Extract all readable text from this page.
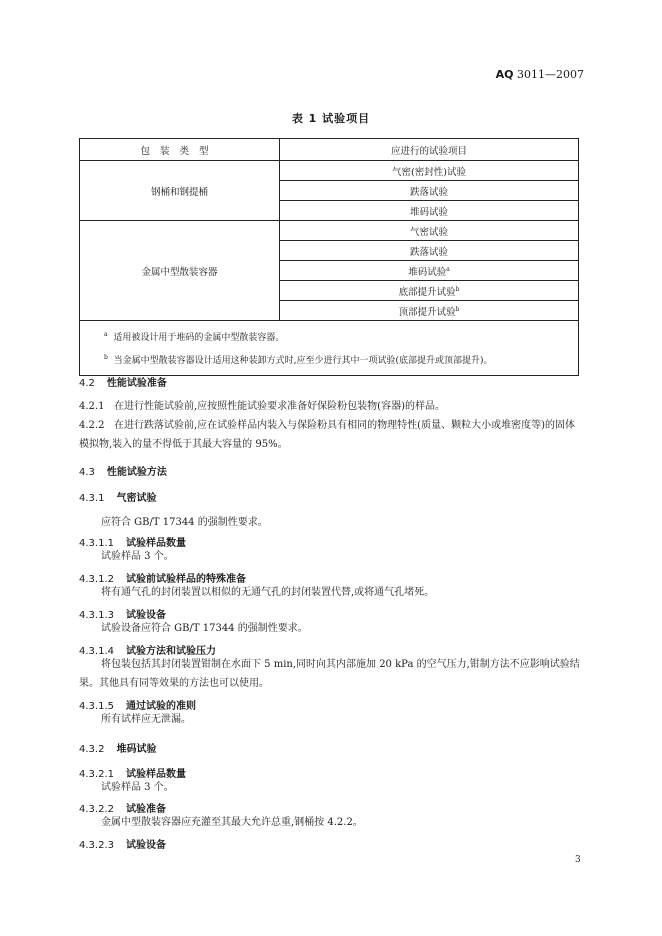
AQ 3011—2007
表 1 试验项目
包装类型	应进行的试验项目
钢桶和钢提桶	气密(密封性)试验
	跌落试验
	堆码试验
金属中型散装容器	气密试验
	跌落试验
	堆码试验$^a$
	底部提升试验$^b$
	顶部提升试验$^b$

$^a$ 适用被设计用于堆码的金属中型散装容器。
$^b$ 当金属中型散装容器设计适用这种装卸方式时,应至少进行其中一项试验(底部提升或顶部提升)。	
4.2 性能试验准备
4.2.1 在进行性能试验前,应按照性能试验要求准备好保险粉包装物(容器)的样品。
4.2.2 在进行跌落试验前,应在试验样品内装入与保险粉具有相同的物理特性(质量、颗粒大小或堆密度等)的固体模拟物,装入的量不得低于其最大容量的 95%。
4.3 性能试验方法
4.3.1 气密试验
应符合 GB/T 17344 的强制性要求。
4.3.1.1 试验样品数量
试验样品 3 个。
4.3.1.2 试验前试验样品的特殊准备
将有通气孔的封闭装置以相似的无通气孔的封闭装置代替,或将通气孔堵死。
4.3.1.3 试验设备
试验设备应符合 GB/T 17344 的强制性要求。
4.3.1.4 试验方法和试验压力
将包装包括其封闭装置钳制在水面下 5 min,同时向其内部施加 20 kPa 的空气压力,钳制方法不应影响试验结果。其他具有同等效果的方法也可以使用。
4.3.1.5 通过试验的准则
所有试样应无泄漏。
4.3.2 堆码试验
4.3.2.1 试验样品数量
试验样品 3 个。
4.3.2.2 试验准备
金属中型散装容器应充灌至其最大允许总重,钢桶按 4.2.2。
4.3.2.3 试验设备
3
